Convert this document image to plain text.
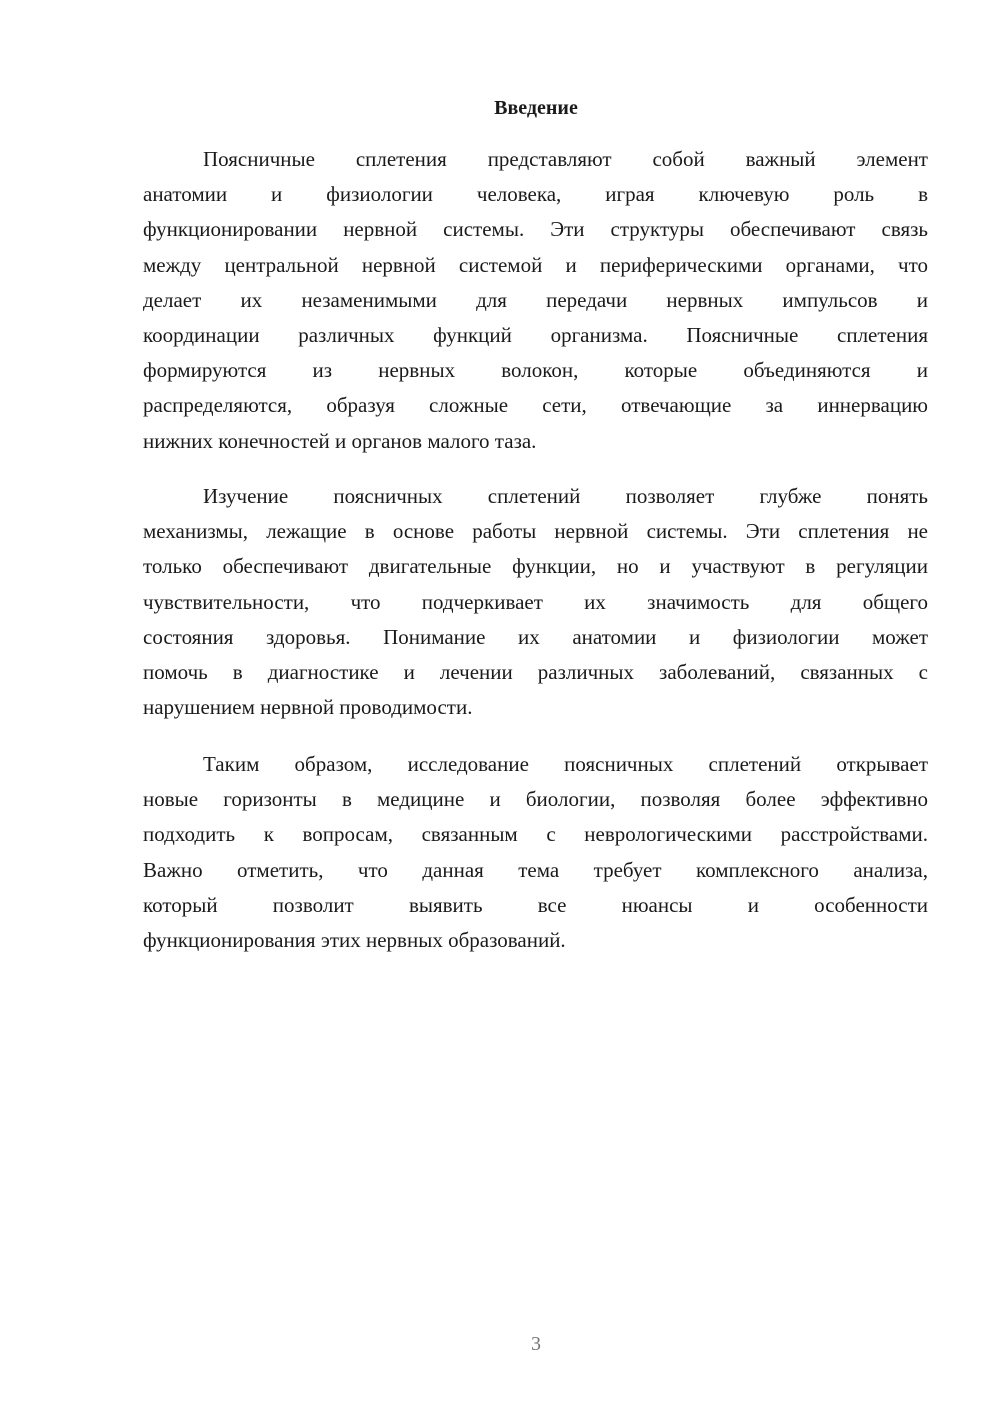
Введение
Поясничные сплетения представляют собой важный элемент
анатомии и физиологии человека, играя ключевую роль в
функционировании нервной системы. Эти структуры обеспечивают связь
между центральной нервной системой и периферическими органами, что
делает их незаменимыми для передачи нервных импульсов и
координации различных функций организма. Поясничные сплетения
формируются из нервных волокон, которые объединяются и
распределяются, образуя сложные сети, отвечающие за иннервацию
нижних конечностей и органов малого таза.
Изучение поясничных сплетений позволяет глубже понять
механизмы, лежащие в основе работы нервной системы. Эти сплетения не
только обеспечивают двигательные функции, но и участвуют в регуляции
чувствительности, что подчеркивает их значимость для общего
состояния здоровья. Понимание их анатомии и физиологии может
помочь в диагностике и лечении различных заболеваний, связанных с
нарушением нервной проводимости.
Таким образом, исследование поясничных сплетений открывает
новые горизонты в медицине и биологии, позволяя более эффективно
подходить к вопросам, связанным с неврологическими расстройствами.
Важно отметить, что данная тема требует комплексного анализа,
который позволит выявить все нюансы и особенности
функционирования этих нервных образований.
3
